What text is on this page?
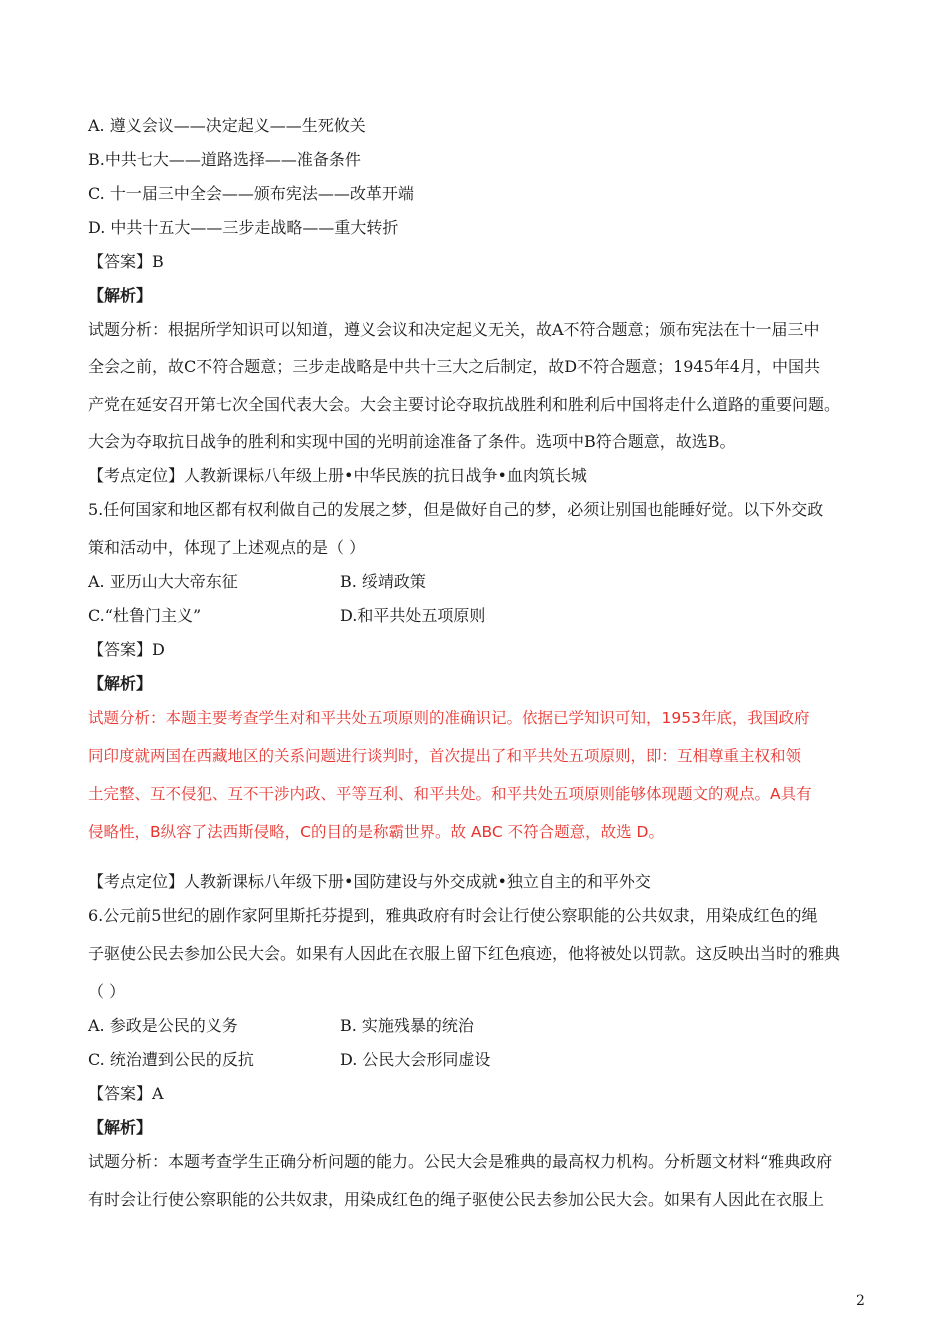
A. 遵义会议——决定起义——生死攸关
B.中共七大——道路选择——准备条件
C. 十一届三中全会——颁布宪法——改革开端
D. 中共十五大——三步走战略——重大转折
【答案】B
【解析】
试题分析：根据所学知识可以知道，遵义会议和决定起义无关，故A不符合题意；颁布宪法在十一届三中
全会之前，故C不符合题意；三步走战略是中共十三大之后制定，故D不符合题意；1945年4月，中国共
产党在延安召开第七次全国代表大会。大会主要讨论夺取抗战胜利和胜利后中国将走什么道路的重要问题。
大会为夺取抗日战争的胜利和实现中国的光明前途准备了条件。选项中B符合题意，故选B。
【考点定位】人教新课标八年级上册•中华民族的抗日战争•血肉筑长城
5.任何国家和地区都有权利做自己的发展之梦，但是做好自己的梦，必须让别国也能睡好觉。以下外交政
策和活动中，体现了上述观点的是（ ）
A. 亚历山大大帝东征	B. 绥靖政策
C.“杜鲁门主义”	D.和平共处五项原则
【答案】D
【解析】
试题分析：本题主要考查学生对和平共处五项原则的准确识记。依据已学知识可知，1953年底，我国政府
同印度就两国在西藏地区的关系问题进行谈判时，首次提出了和平共处五项原则，即：互相尊重主权和领
土完整、互不侵犯、互不干涉内政、平等互利、和平共处。和平共处五项原则能够体现题文的观点。A具有
侵略性，B纵容了法西斯侵略，C的目的是称霸世界。故 ABC 不符合题意，故选 D。
【考点定位】人教新课标八年级下册•国防建设与外交成就•独立自主的和平外交
6.公元前5世纪的剧作家阿里斯托芬提到，雅典政府有时会让行使公察职能的公共奴隶，用染成红色的绳
子驱使公民去参加公民大会。如果有人因此在衣服上留下红色痕迹，他将被处以罚款。这反映出当时的雅典
（ ）
A. 参政是公民的义务	B. 实施残暴的统治
C. 统治遭到公民的反抗	D. 公民大会形同虚设
【答案】A
【解析】
试题分析：本题考查学生正确分析问题的能力。公民大会是雅典的最高权力机构。分析题文材料“雅典政府
有时会让行使公察职能的公共奴隶，用染成红色的绳子驱使公民去参加公民大会。如果有人因此在衣服上
2
